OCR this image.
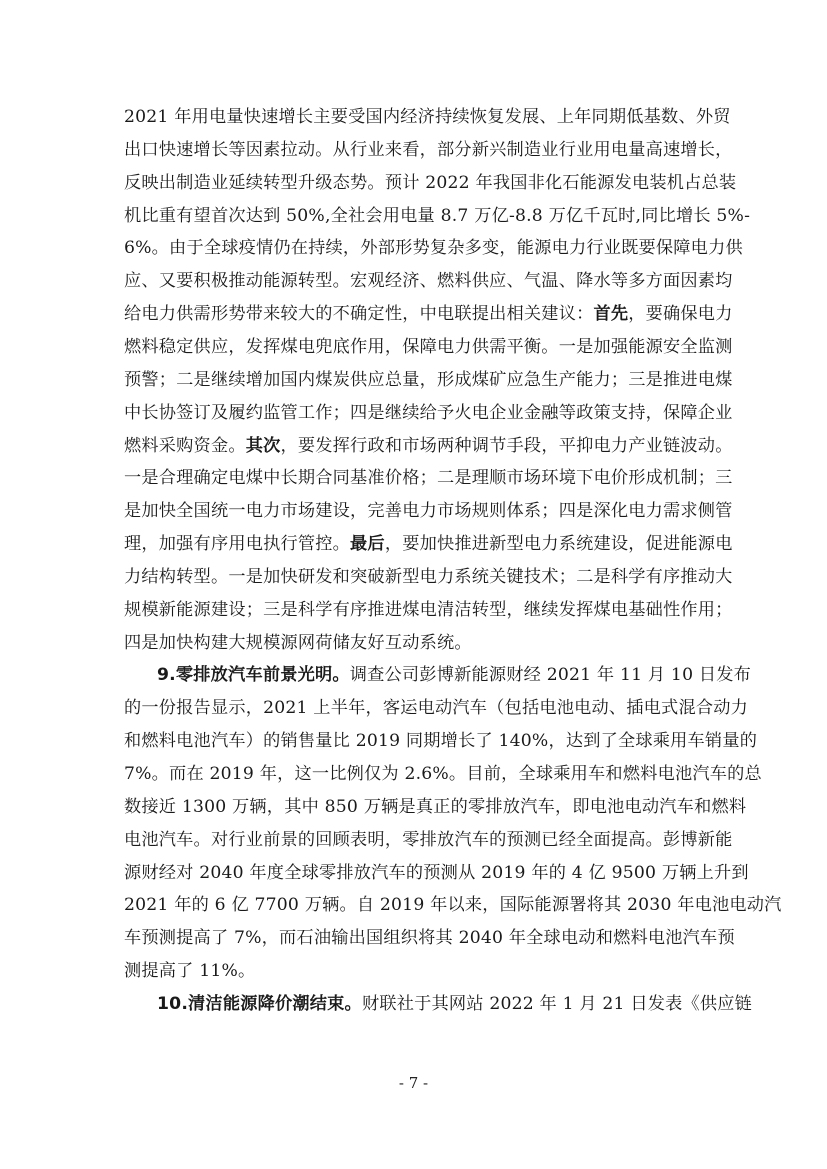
2021 年用电量快速增长主要受国内经济持续恢复发展、上年同期低基数、外贸
出口快速增长等因素拉动。从行业来看，部分新兴制造业行业用电量高速增长，
反映出制造业延续转型升级态势。预计 2022 年我国非化石能源发电装机占总装
机比重有望首次达到 50%,全社会用电量 8.7 万亿-8.8 万亿千瓦时,同比增长 5%-
6%。由于全球疫情仍在持续，外部形势复杂多变，能源电力行业既要保障电力供
应、又要积极推动能源转型。宏观经济、燃料供应、气温、降水等多方面因素均
给电力供需形势带来较大的不确定性，中电联提出相关建议：首先，要确保电力
燃料稳定供应，发挥煤电兜底作用，保障电力供需平衡。一是加强能源安全监测
预警；二是继续增加国内煤炭供应总量，形成煤矿应急生产能力；三是推进电煤
中长协签订及履约监管工作；四是继续给予火电企业金融等政策支持，保障企业
燃料采购资金。其次，要发挥行政和市场两种调节手段，平抑电力产业链波动。
一是合理确定电煤中长期合同基准价格；二是理顺市场环境下电价形成机制；三
是加快全国统一电力市场建设，完善电力市场规则体系；四是深化电力需求侧管
理，加强有序用电执行管控。最后，要加快推进新型电力系统建设，促进能源电
力结构转型。一是加快研发和突破新型电力系统关键技术；二是科学有序推动大
规模新能源建设；三是科学有序推进煤电清洁转型，继续发挥煤电基础性作用；
四是加快构建大规模源网荷储友好互动系统。
9.零排放汽车前景光明。调查公司彭博新能源财经 2021 年 11 月 10 日发布
的一份报告显示，2021 上半年，客运电动汽车（包括电池电动、插电式混合动力
和燃料电池汽车）的销售量比 2019 同期增长了 140%，达到了全球乘用车销量的
7%。而在 2019 年，这一比例仅为 2.6%。目前，全球乘用车和燃料电池汽车的总
数接近 1300 万辆，其中 850 万辆是真正的零排放汽车，即电池电动汽车和燃料
电池汽车。对行业前景的回顾表明，零排放汽车的预测已经全面提高。彭博新能
源财经对 2040 年度全球零排放汽车的预测从 2019 年的 4 亿 9500 万辆上升到
2021 年的 6 亿 7700 万辆。自 2019 年以来，国际能源署将其 2030 年电池电动汽
车预测提高了 7%，而石油输出国组织将其 2040 年全球电动和燃料电池汽车预
测提高了 11%。
10.清洁能源降价潮结束。财联社于其网站 2022 年 1 月 21 日发表《供应链
- 7 -
